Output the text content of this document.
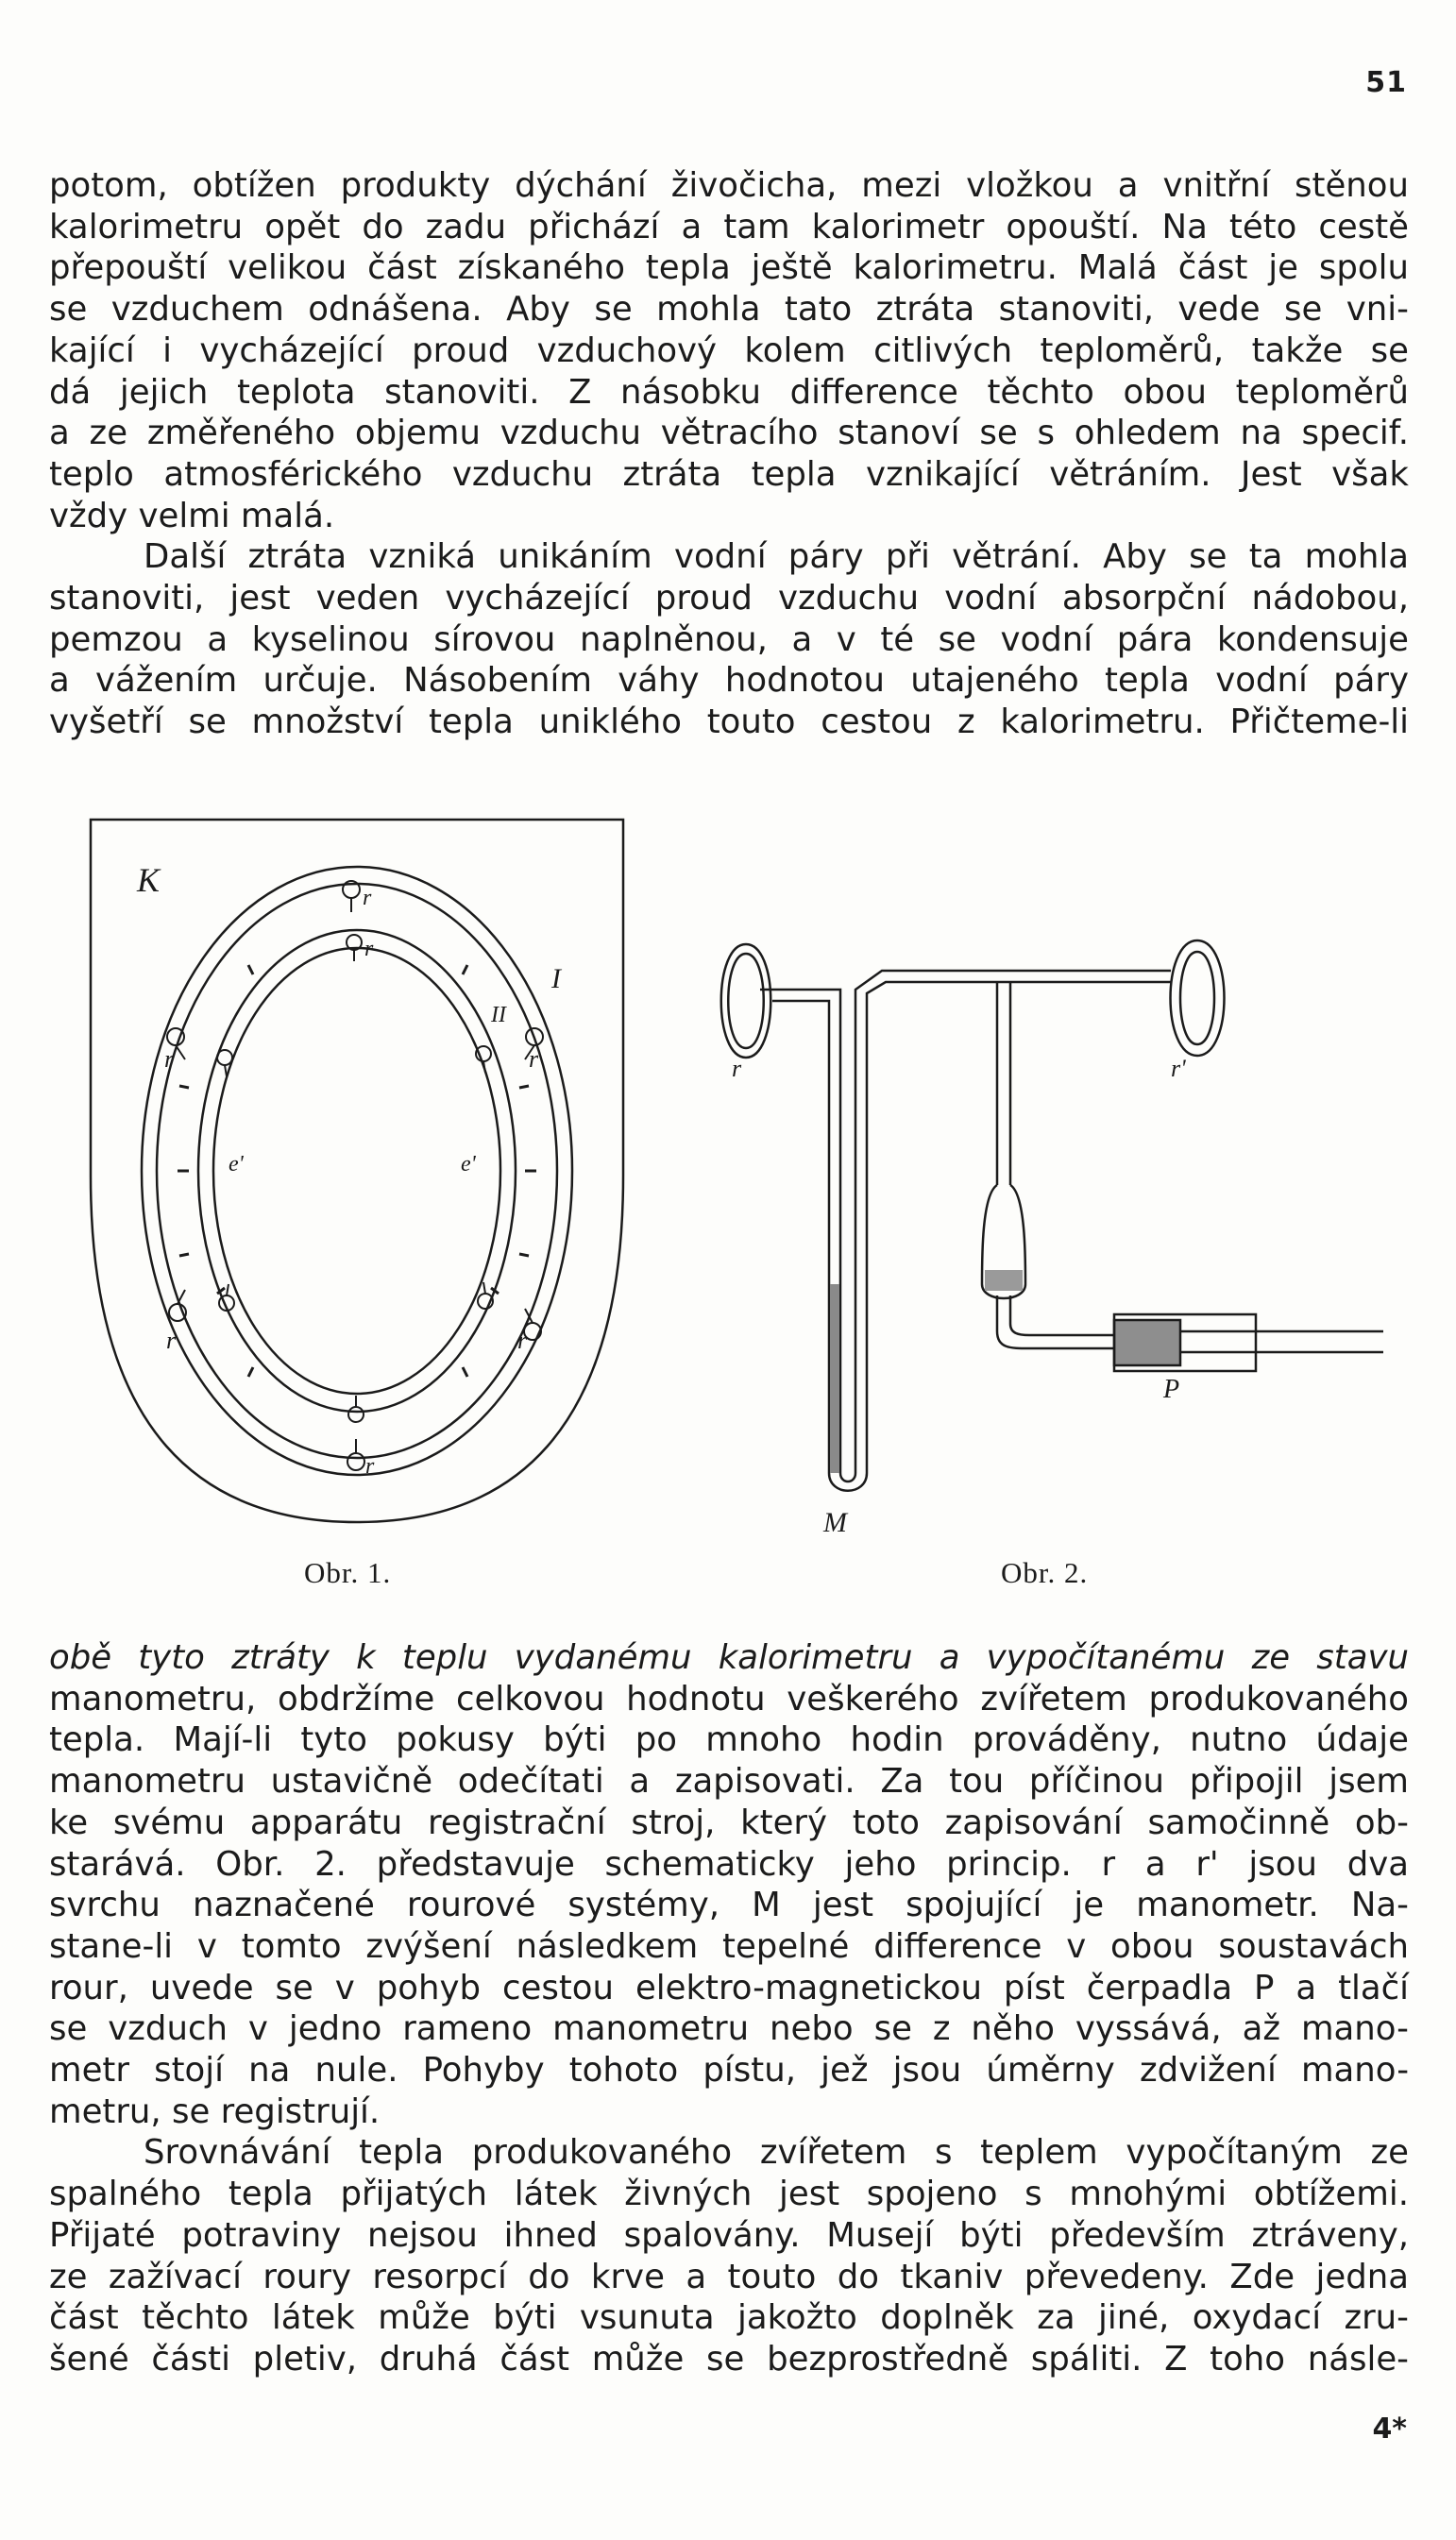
51
potom, obtížen produkty dýchání živočicha, mezi vložkou a vnitřní stěnou
kalorimetru opět do zadu přichází a tam kalorimetr opouští. Na této cestě
přepouští velikou část získaného tepla ještě kalorimetru. Malá část je spolu
se vzduchem odnášena. Aby se mohla tato ztráta stanoviti, vede se vni-
kající i vycházející proud vzduchový kolem citlivých teploměrů, takže se
dá jejich teplota stanoviti. Z násobku difference těchto obou teploměrů
a ze změřeného objemu vzduchu větracího stanoví se s ohledem na specif.
teplo atmosférického vzduchu ztráta tepla vznikající větráním. Jest však
vždy velmi malá.
Další ztráta vzniká unikáním vodní páry při větrání. Aby se ta mohla
stanoviti, jest veden vycházející proud vzduchu vodní absorpční nádobou,
pemzou a kyselinou sírovou naplněnou, a v té se vodní pára kondensuje
a vážením určuje. Násobením váhy hodnotou utajeného tepla vodní páry
vyšetří se množství tepla uniklého touto cestou z kalorimetru. Přičteme-li
K
I
II
e'	e'
r	r
r	r
r
r
r
r	r'
M
P
Obr. 1.	Obr. 2.
obě tyto ztráty k teplu vydanému kalorimetru a vypočítanému ze stavu
manometru, obdržíme celkovou hodnotu veškerého zvířetem produkovaného
tepla. Mají-li tyto pokusy býti po mnoho hodin prováděny, nutno údaje
manometru ustavičně odečítati a zapisovati. Za tou příčinou připojil jsem
ke svému apparátu registrační stroj, který toto zapisování samočinně ob-
starává. Obr. 2. představuje schematicky jeho princip. r a r' jsou dva
svrchu naznačené rourové systémy, M jest spojující je manometr. Na-
stane-li v tomto zvýšení následkem tepelné difference v obou soustavách
rour, uvede se v pohyb cestou elektro-magnetickou píst čerpadla P a tlačí
se vzduch v jedno rameno manometru nebo se z něho vyssává, až mano-
metr stojí na nule. Pohyby tohoto pístu, jež jsou úměrny zdvižení mano-
metru, se registrují.
Srovnávání tepla produkovaného zvířetem s teplem vypočítaným ze
spalného tepla přijatých látek živných jest spojeno s mnohými obtížemi.
Přijaté potraviny nejsou ihned spalovány. Musejí býti především ztráveny,
ze zažívací roury resorpcí do krve a touto do tkaniv převedeny. Zde jedna
část těchto látek může býti vsunuta jakožto doplněk za jiné, oxydací zru-
šené části pletiv, druhá část může se bezprostředně spáliti. Z toho násle-
4*
